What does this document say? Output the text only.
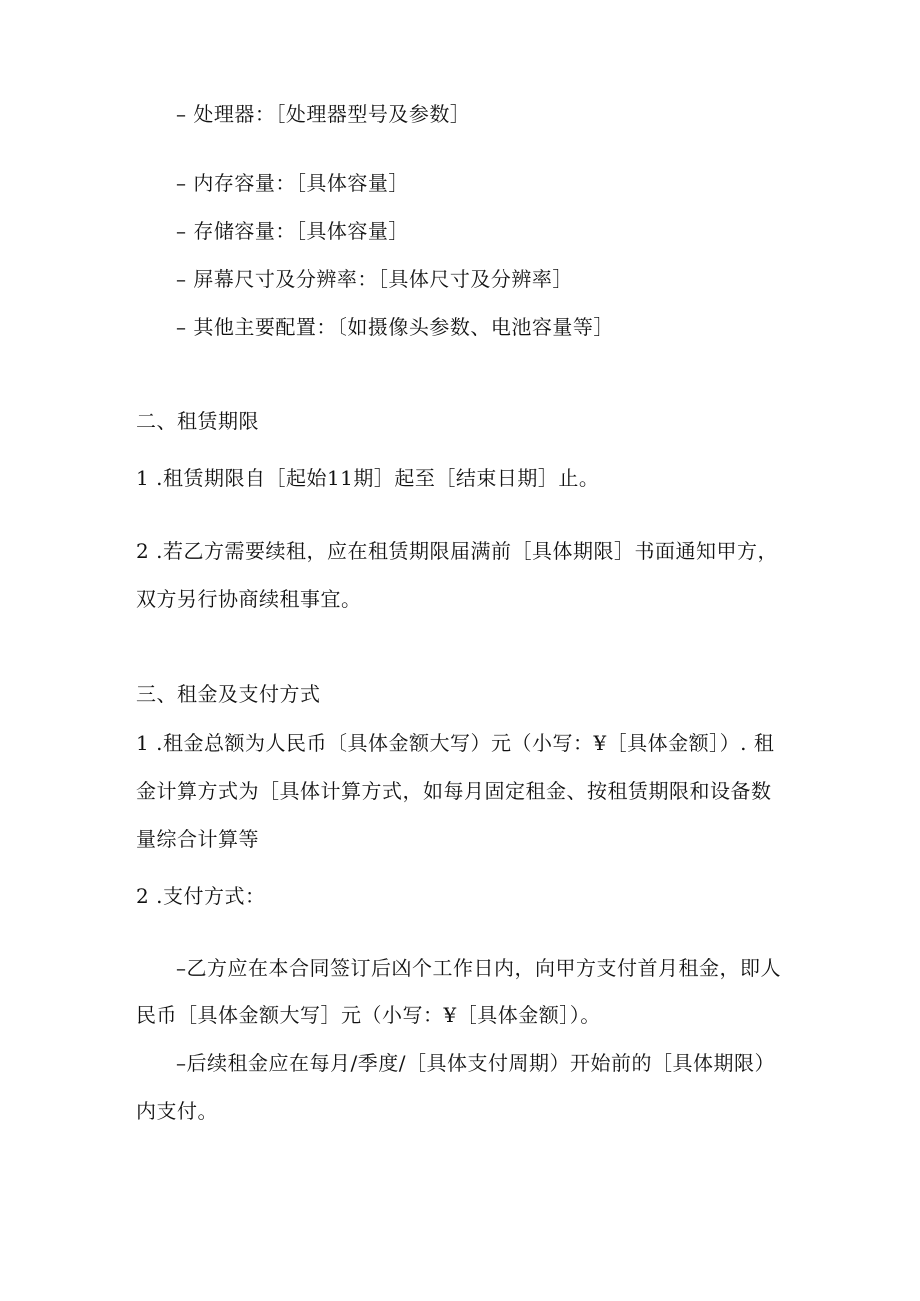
– 处理器：［处理器型号及参数］
– 内存容量：［具体容量］
– 存储容量：［具体容量］
– 屏幕尺寸及分辨率：［具体尺寸及分辨率］
– 其他主要配置：〔如摄像头参数、电池容量等］
二、租赁期限
1 .租赁期限自［起始11期］起至［结束日期］止。
2 .若乙方需要续租，应在租赁期限届满前［具体期限］书面通知甲方，
双方另行协商续租事宜。
三、租金及支付方式
1 .租金总额为人民币〔具体金额大写）元（小写：¥［具体金额］）. 租
金计算方式为［具体计算方式，如每月固定租金、按租赁期限和设备数
量综合计算等
2 .支付方式：
–乙方应在本合同签订后凶个工作日内，向甲方支付首月租金，即人
民币［具体金额大写］元（小写：¥［具体金额］）。
–后续租金应在每月/季度/［具体支付周期）开始前的［具体期限）
内支付。
